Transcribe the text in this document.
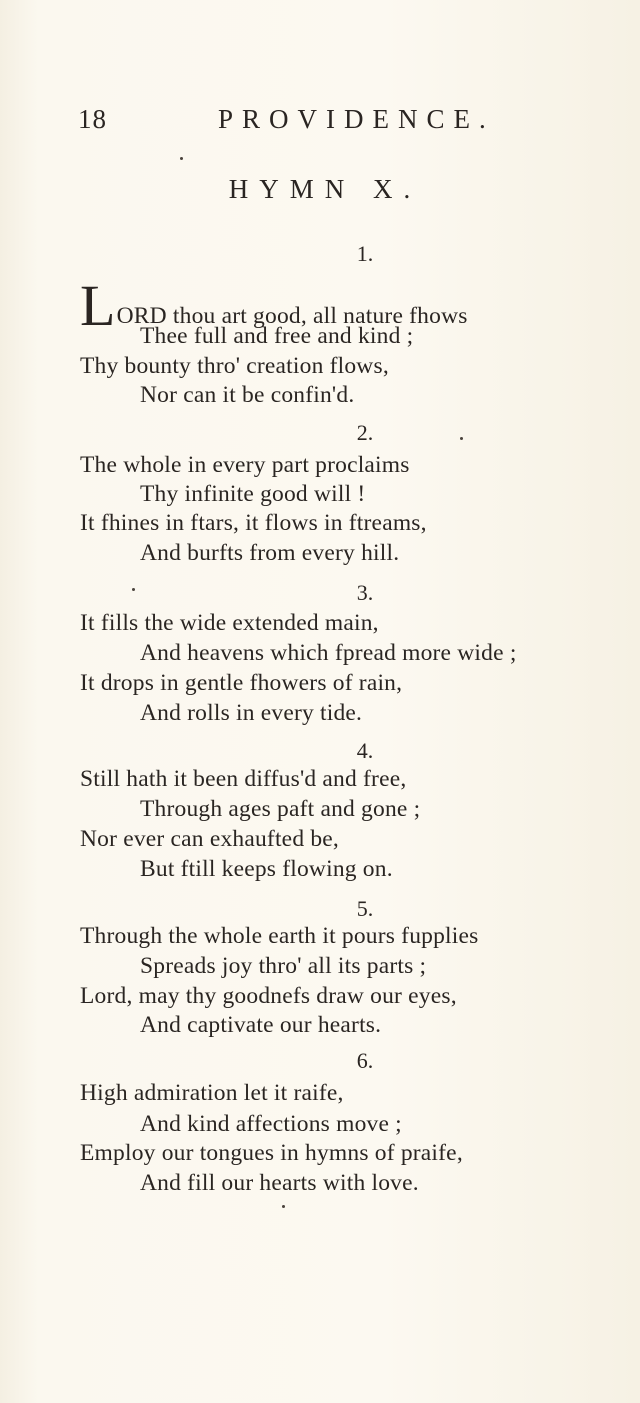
18	PROVIDENCE.
HYMN X.
1.
LORD thou art good, all nature fhows
Thee full and free and kind ;
Thy bounty thro' creation flows,
Nor can it be confin'd.
2.
The whole in every part proclaims
Thy infinite good will !
It fhines in ftars, it flows in ftreams,
And burfts from every hill.
3.
It fills the wide extended main,
And heavens which fpread more wide ;
It drops in gentle fhowers of rain,
And rolls in every tide.
4.
Still hath it been diffus'd and free,
Through ages paft and gone ;
Nor ever can exhaufted be,
But ftill keeps flowing on.
5.
Through the whole earth it pours fupplies
Spreads joy thro' all its parts ;
Lord, may thy goodnefs draw our eyes,
And captivate our hearts.
6.
High admiration let it raife,
And kind affections move ;
Employ our tongues in hymns of praife,
And fill our hearts with love.
